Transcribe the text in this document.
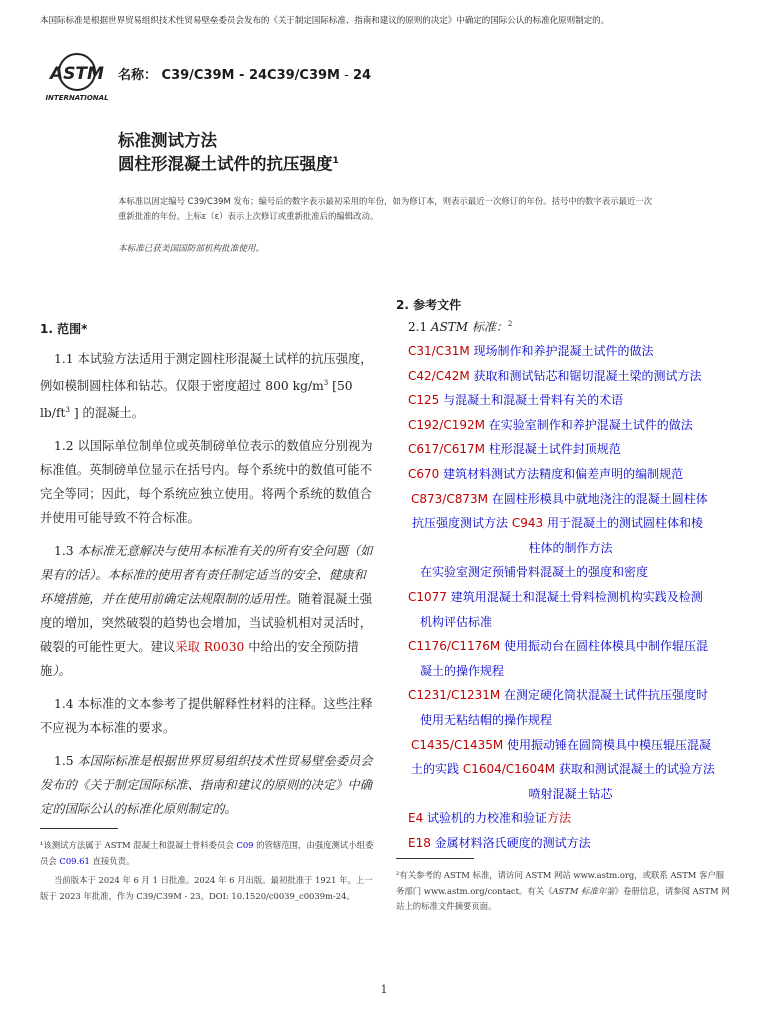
本国际标准是根据世界贸易组织技术性贸易壁垒委员会发布的《关于制定国际标准、指南和建议的原则的决定》中确定的国际公认的标准化原则制定的。
ASTM
INTERNATIONAL
名称： C39/C39M - 24C39/C39M - 24
标准测试方法
圆柱形混凝土试件的抗压强度$^1$
本标准以固定编号 C39/C39M 发布；编号后的数字表示最初采用的年份，如为修订本，则表示最近一次修订的年份。括号中的数字表示最近一次重新批准的年份。上标ε（ε）表示上次修订或重新批准后的编辑改动。
本标准已获美国国防部机构批准使用。
1. 范围*

1.1 本试验方法适用于测定圆柱形混凝土试样的抗压强度，例如模制圆柱体和钻芯。仅限于密度超过 800 $kg/m^3$ [50 $lb/ft^3$ ] 的混凝土。

1.2 以国际单位制单位或英制磅单位表示的数值应分别视为标准值。英制磅单位显示在括号内。每个系统中的数值可能不完全等同；因此，每个系统应独立使用。将两个系统的数值合并使用可能导致不符合标准。

1.3 本标准无意解决与使用本标准有关的所有安全问题（如果有的话）。本标准的使用者有责任制定适当的安全、健康和环境措施，并在使用前确定法规限制的适用性。随着混凝土强度的增加，突然破裂的趋势也会增加，当试验机相对灵活时，破裂的可能性更大。建议采取 R0030 中给出的安全预防措施）。

1.4 本标准的文本参考了提供解释性材料的注释。这些注释不应视为本标准的要求。

1.5 本国际标准是根据世界贸易组织技术性贸易壁垒委员会发布的《关于制定国际标准、指南和建议的原则的决定》中确定的国际公认的标准化原则制定的。

¹该测试方法属于 ASTM 混凝土和混凝土骨料委员会 C09 的管辖范围，由强度测试小组委员会 C09.61 直接负责。

当前版本于 2024 年 6 月 1 日批准。2024 年 6 月出版。最初批准于 1921 年。上一版于 2023 年批准，作为 C39/C39M - 23。DOI: 10.1520/c0039_c0039m-24。

2. 参考文件
2.1 ASTM 标准：$^2$
C31/C31M 现场制作和养护混凝土试件的做法
C42/C42M 获取和测试钻芯和锯切混凝土梁的测试方法
C125 与混凝土和混凝土骨料有关的术语
C192/C192M 在实验室制作和养护混凝土试件的做法
C617/C617M 柱形混凝土试件封顶规范
C670 建筑材料测试方法精度和偏差声明的编制规范
C873/C873M 在圆柱形模具中就地浇注的混凝土圆柱体
抗压强度测试方法 C943 用于混凝土的测试圆柱体和棱
柱体的制作方法
在实验室测定预铺骨料混凝土的强度和密度
C1077 建筑用混凝土和混凝土骨料检测机构实践及检测
机构评估标准
C1176/C1176M 使用振动台在圆柱体模具中制作辊压混
凝土的操作规程
C1231/C1231M 在测定硬化筒状混凝土试件抗压强度时
使用无粘结帽的操作规程
C1435/C1435M 使用振动锤在圆筒模具中模压辊压混凝
土的实践 C1604/C1604M 获取和测试混凝土的试验方法
喷射混凝土钻芯
E4 试验机的力校准和验证方法
E18 金属材料洛氏硬度的测试方法

²有关参考的 ASTM 标准，请访问 ASTM 网站 www.astm.org，或联系 ASTM 客户服务部门 www.astm.org/contact。有关《ASTM 标准年鉴》卷册信息，请参阅 ASTM 网站上的标准文件摘要页面。

1
